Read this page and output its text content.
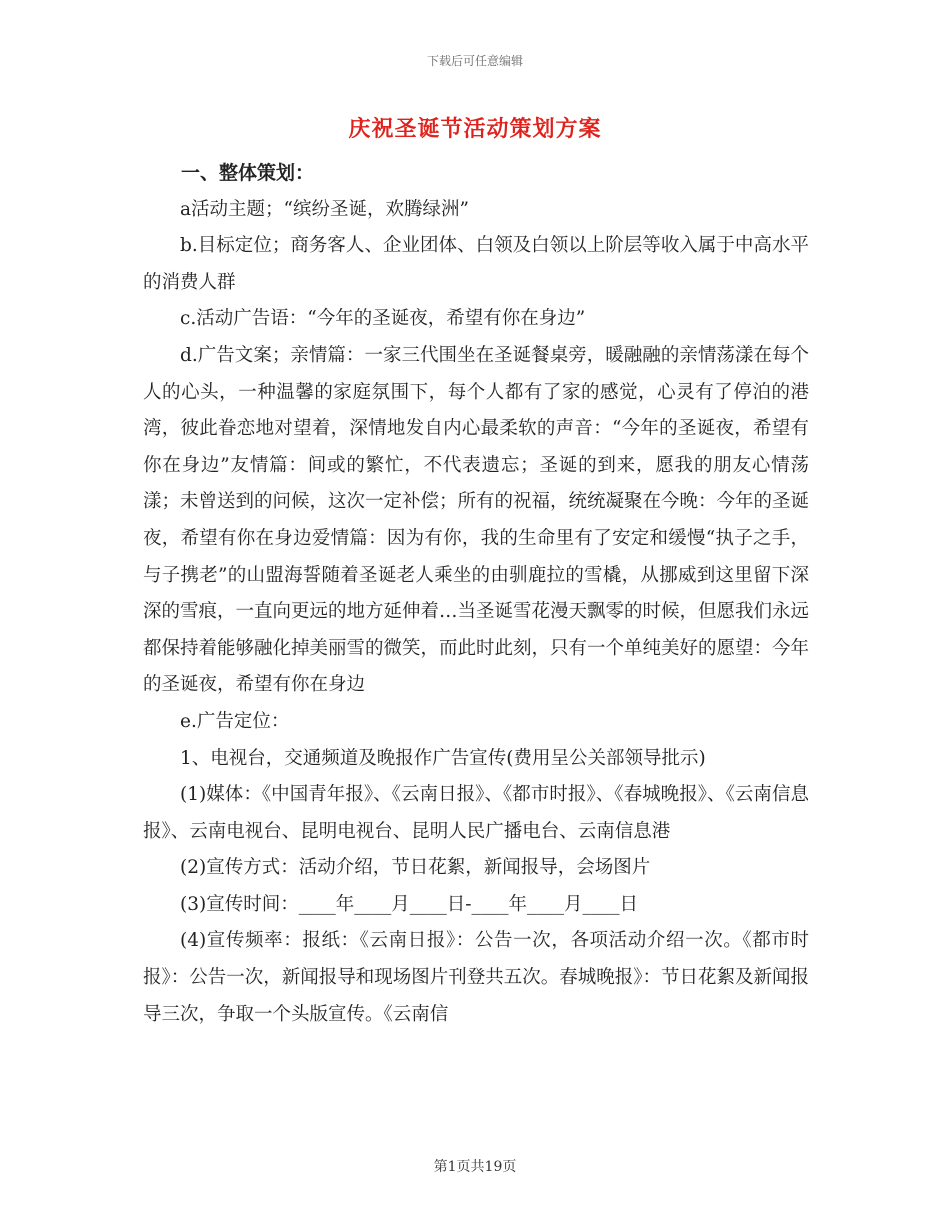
下载后可任意编辑
庆祝圣诞节活动策划方案

一、整体策划：

a活动主题；“缤纷圣诞，欢腾绿洲”

b.目标定位；商务客人、企业团体、白领及白领以上阶层等收入属于中高水平的消费人群

c.活动广告语：“今年的圣诞夜，希望有你在身边”

d.广告文案；亲情篇：一家三代围坐在圣诞餐桌旁，暖融融的亲情荡漾在每个人的心头，一种温馨的家庭氛围下，每个人都有了家的感觉，心灵有了停泊的港湾，彼此眷恋地对望着，深情地发自内心最柔软的声音：“今年的圣诞夜，希望有你在身边”友情篇：间或的繁忙，不代表遗忘；圣诞的到来，愿我的朋友心情荡漾；未曾送到的问候，这次一定补偿；所有的祝福，统统凝聚在今晚：今年的圣诞夜，希望有你在身边爱情篇：因为有你，我的生命里有了安定和缓慢“执子之手，与子携老”的山盟海誓随着圣诞老人乘坐的由驯鹿拉的雪橇，从挪威到这里留下深深的雪痕，一直向更远的地方延伸着…当圣诞雪花漫天飘零的时候，但愿我们永远都保持着能够融化掉美丽雪的微笑，而此时此刻，只有一个单纯美好的愿望：今年的圣诞夜，希望有你在身边

e.广告定位：

1、电视台，交通频道及晚报作广告宣传(费用呈公关部领导批示)

(1)媒体：《中国青年报》、《云南日报》、《都市时报》、《春城晚报》、《云南信息报》、云南电视台、昆明电视台、昆明人民广播电台、云南信息港

(2)宣传方式：活动介绍，节日花絮，新闻报导，会场图片

(3)宣传时间：____年____月____日-____年____月____日

(4)宣传频率：报纸：《云南日报》：公告一次，各项活动介绍一次。《都市时报》：公告一次，新闻报导和现场图片刊登共五次。春城晚报》：节日花絮及新闻报导三次，争取一个头版宣传。《云南信

第1页共19页
